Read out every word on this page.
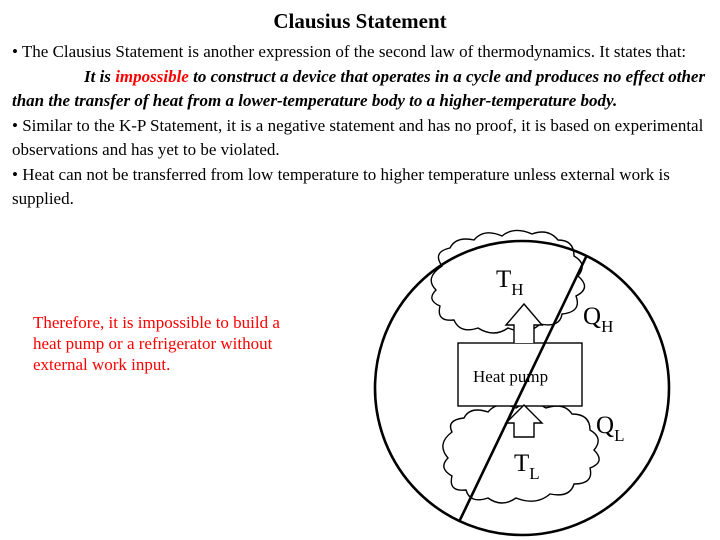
Clausius Statement

• The Clausius Statement is another expression of the second law of thermodynamics. It states that:

It is impossible to construct a device that operates in a cycle and produces no effect other than the transfer of heat from a lower-temperature body to a higher-temperature body.

• Similar to the K-P Statement, it is a negative statement and has no proof, it is based on experimental observations and has yet to be violated.

• Heat can not be transferred from low temperature to higher temperature unless external work is supplied.

Therefore, it is impossible to build a

heat pump or a refrigerator without

external work input.

$T_H$
$Q_H$
$Q_L$
$T_L$
Heat pump
